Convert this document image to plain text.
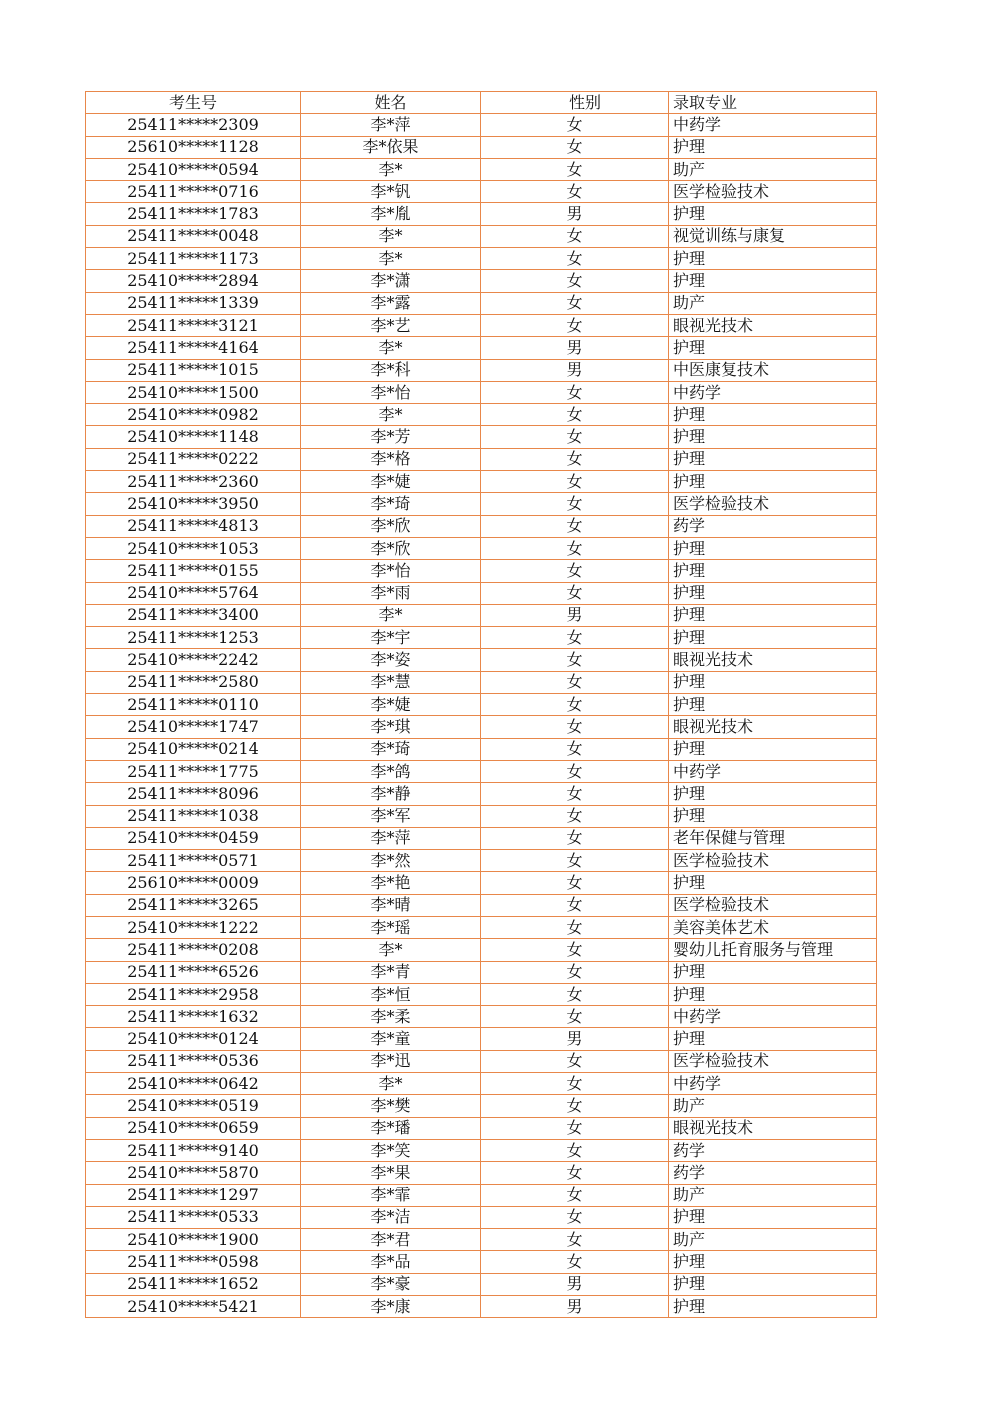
考生号	姓名	性别	录取专业
25411*****2309	李*萍	女	中药学
25610*****1128	李*依果	女	护理
25410*****0594	李*	女	助产
25411*****0716	李*钒	女	医学检验技术
25411*****1783	李*胤	男	护理
25411*****0048	李*	女	视觉训练与康复
25411*****1173	李*	女	护理
25410*****2894	李*潇	女	护理
25411*****1339	李*露	女	助产
25411*****3121	李*艺	女	眼视光技术
25411*****4164	李*	男	护理
25411*****1015	李*科	男	中医康复技术
25410*****1500	李*怡	女	中药学
25410*****0982	李*	女	护理
25410*****1148	李*芳	女	护理
25411*****0222	李*格	女	护理
25411*****2360	李*婕	女	护理
25410*****3950	李*琦	女	医学检验技术
25411*****4813	李*欣	女	药学
25410*****1053	李*欣	女	护理
25411*****0155	李*怡	女	护理
25410*****5764	李*雨	女	护理
25411*****3400	李*	男	护理
25411*****1253	李*宇	女	护理
25410*****2242	李*姿	女	眼视光技术
25411*****2580	李*慧	女	护理
25411*****0110	李*婕	女	护理
25410*****1747	李*琪	女	眼视光技术
25410*****0214	李*琦	女	护理
25411*****1775	李*鸽	女	中药学
25411*****8096	李*静	女	护理
25411*****1038	李*军	女	护理
25410*****0459	李*萍	女	老年保健与管理
25411*****0571	李*然	女	医学检验技术
25610*****0009	李*艳	女	护理
25411*****3265	李*晴	女	医学检验技术
25410*****1222	李*瑶	女	美容美体艺术
25411*****0208	李*	女	婴幼儿托育服务与管理
25411*****6526	李*青	女	护理
25411*****2958	李*恒	女	护理
25411*****1632	李*柔	女	中药学
25410*****0124	李*童	男	护理
25411*****0536	李*迅	女	医学检验技术
25410*****0642	李*	女	中药学
25410*****0519	李*樊	女	助产
25410*****0659	李*璠	女	眼视光技术
25411*****9140	李*笑	女	药学
25410*****5870	李*果	女	药学
25411*****1297	李*霏	女	助产
25411*****0533	李*洁	女	护理
25410*****1900	李*君	女	助产
25411*****0598	李*品	女	护理
25411*****1652	李*豪	男	护理
25410*****5421	李*康	男	护理
